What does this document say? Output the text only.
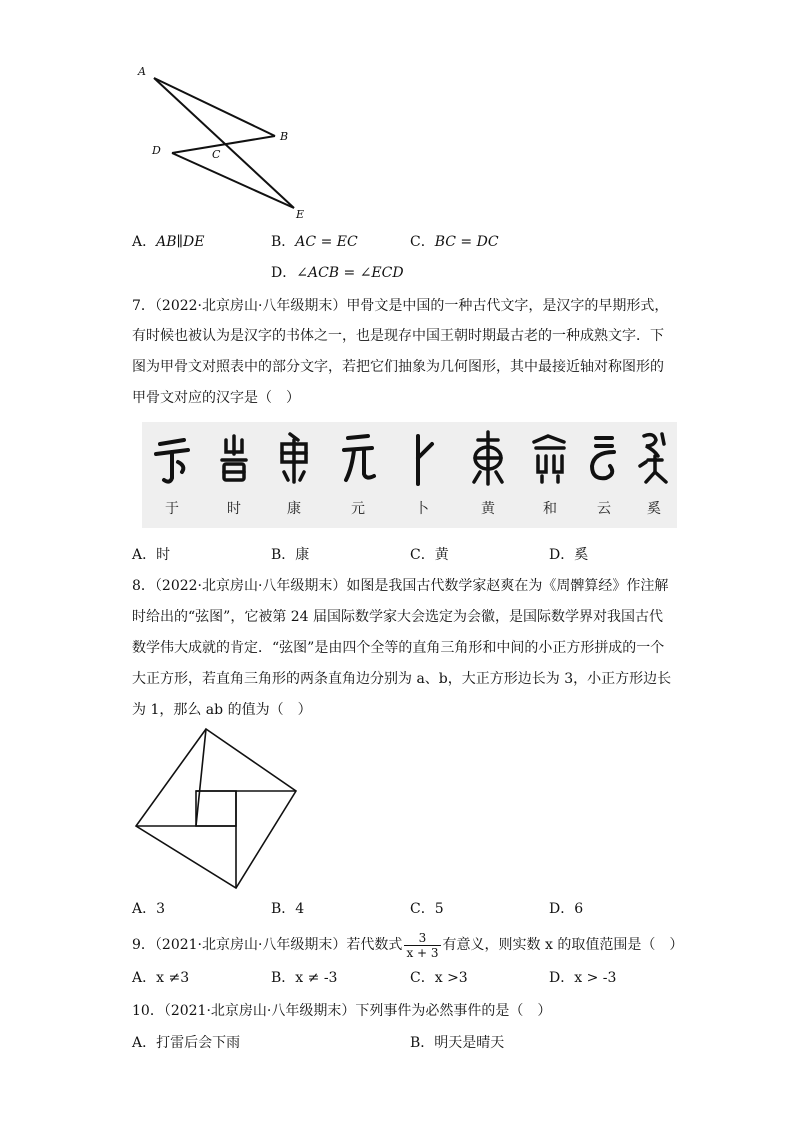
A
B
C
D
E
A．AB∥DE	B．AC = EC	C．BC = DC
D．∠ACB = ∠ECD
7．（2022·北京房山·八年级期末）甲骨文是中国的一种古代文字，是汉字的早期形式，
有时候也被认为是汉字的书体之一，也是现存中国王朝时期最古老的一种成熟文字．下
图为甲骨文对照表中的部分文字，若把它们抽象为几何图形，其中最接近轴对称图形的
甲骨文对应的汉字是（　）
于	时	康	元	卜	黄	和	云	奚
A．时	B．康	C．黄	D．奚
8．（2022·北京房山·八年级期末）如图是我国古代数学家赵爽在为《周髀算经》作注解
时给出的“弦图”，它被第 24 届国际数学家大会选定为会徽，是国际数学界对我国古代
数学伟大成就的肯定．“弦图”是由四个全等的直角三角形和中间的小正方形拼成的一个
大正方形，若直角三角形的两条直角边分别为 a、b，大正方形边长为 3，小正方形边长
为 1，那么 ab 的值为（　）
A．3	B．4	C．5	D．6
9．（2021·北京房山·八年级期末）若代数式 $\frac{3}{x + 3}$ 有意义，则实数 x 的取值范围是（　）
A．x ≠3	B．x ≠ -3	C．x >3	D．x > -3
10．（2021·北京房山·八年级期末）下列事件为必然事件的是（　）
A．打雷后会下雨	B．明天是晴天
